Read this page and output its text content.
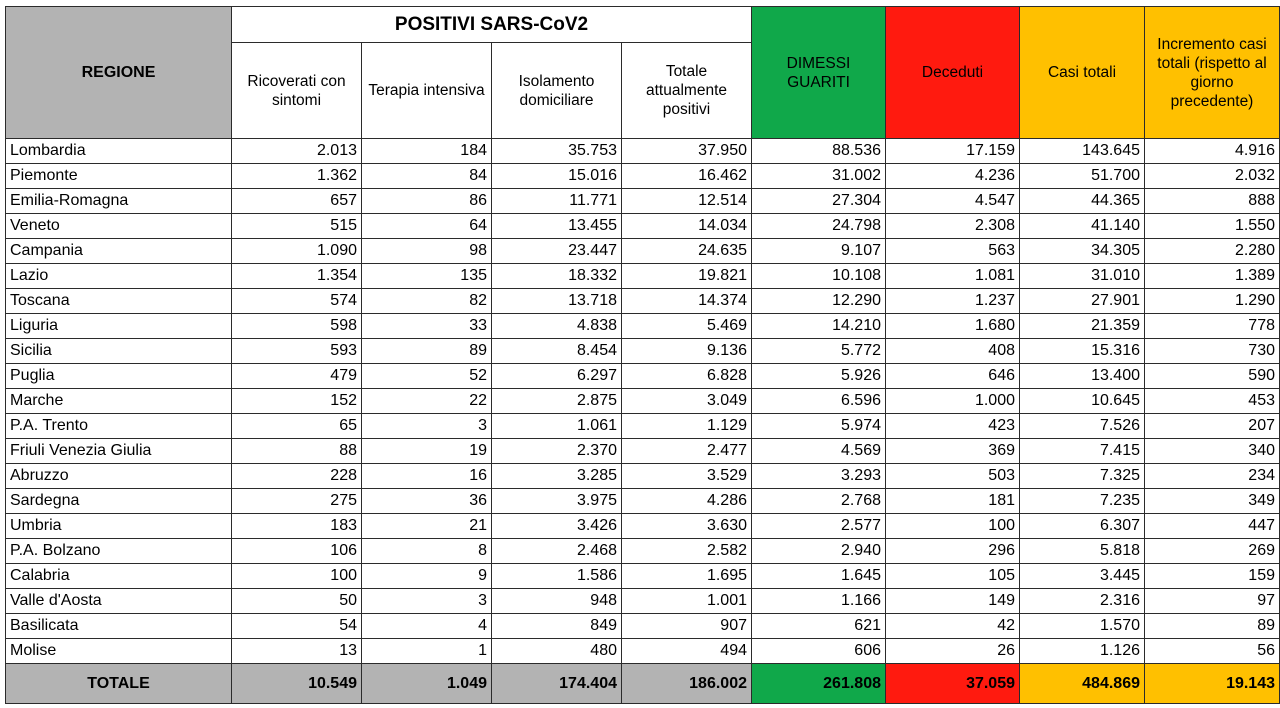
REGIONE	POSITIVI SARS-CoV2				DIMESSI GUARITI	Deceduti	Casi totali	Incremento casi totali (rispetto al giorno precedente)
	Ricoverati con sintomi	Terapia intensiva	Isolamento domiciliare	Totale attualmente positivi				
Lombardia	2.013	184	35.753	37.950	88.536	17.159	143.645	4.916
Piemonte	1.362	84	15.016	16.462	31.002	4.236	51.700	2.032
Emilia-Romagna	657	86	11.771	12.514	27.304	4.547	44.365	888
Veneto	515	64	13.455	14.034	24.798	2.308	41.140	1.550
Campania	1.090	98	23.447	24.635	9.107	563	34.305	2.280
Lazio	1.354	135	18.332	19.821	10.108	1.081	31.010	1.389
Toscana	574	82	13.718	14.374	12.290	1.237	27.901	1.290
Liguria	598	33	4.838	5.469	14.210	1.680	21.359	778
Sicilia	593	89	8.454	9.136	5.772	408	15.316	730
Puglia	479	52	6.297	6.828	5.926	646	13.400	590
Marche	152	22	2.875	3.049	6.596	1.000	10.645	453
P.A. Trento	65	3	1.061	1.129	5.974	423	7.526	207
Friuli Venezia Giulia	88	19	2.370	2.477	4.569	369	7.415	340
Abruzzo	228	16	3.285	3.529	3.293	503	7.325	234
Sardegna	275	36	3.975	4.286	2.768	181	7.235	349
Umbria	183	21	3.426	3.630	2.577	100	6.307	447
P.A. Bolzano	106	8	2.468	2.582	2.940	296	5.818	269
Calabria	100	9	1.586	1.695	1.645	105	3.445	159
Valle d'Aosta	50	3	948	1.001	1.166	149	2.316	97
Basilicata	54	4	849	907	621	42	1.570	89
Molise	13	1	480	494	606	26	1.126	56
TOTALE	10.549	1.049	174.404	186.002	261.808	37.059	484.869	19.143
